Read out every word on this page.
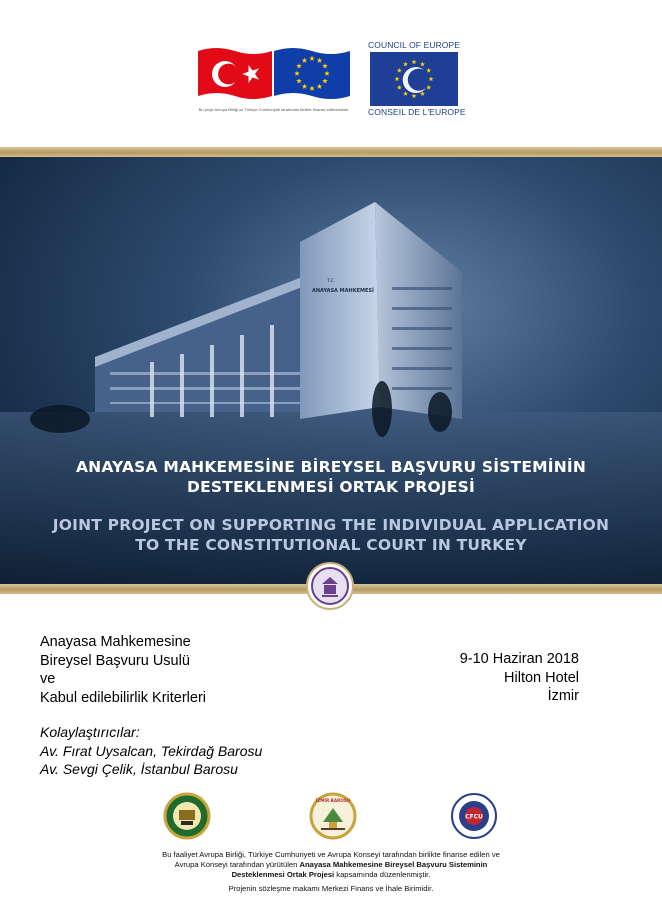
Bu proje Avrupa Birliği ve Türkiye Cumhuriyeti tarafından birlikte finanse edilmektedir.
COUNCIL OF EUROPE
CONSEIL DE L'EUROPE
T.C.
ANAYASA MAHKEMESİ
ANAYASA MAHKEMESİNE BİREYSEL BAŞVURU SİSTEMİNİN
DESTEKLENMESİ ORTAK PROJESİ
JOINT PROJECT ON SUPPORTING THE INDIVIDUAL APPLICATION
TO THE CONSTITUTIONAL COURT IN TURKEY
Anayasa Mahkemesine
Bireysel Başvuru Usulü
ve
Kabul edilebilirlik Kriterleri
9-10 Haziran 2018
Hilton Hotel
İzmir
Kolaylaştırıcılar:
Av. Fırat Uysalcan, Tekirdağ Barosu
Av. Sevgi Çelik, İstanbul Barosu
İZMİR BAROSU
CFCU
Bu faaliyet Avrupa Birliği, Türkiye Cumhuriyeti ve Avrupa Konseyi tarafından birlikte finanse edilen ve
Avrupa Konseyi tarafından yürütülen Anayasa Mahkemesine Bireysel Başvuru Sisteminin
Desteklenmesi Ortak Projesi kapsamında düzenlenmiştir.
Projenin sözleşme makamı Merkezi Finans ve İhale Birimidir.
